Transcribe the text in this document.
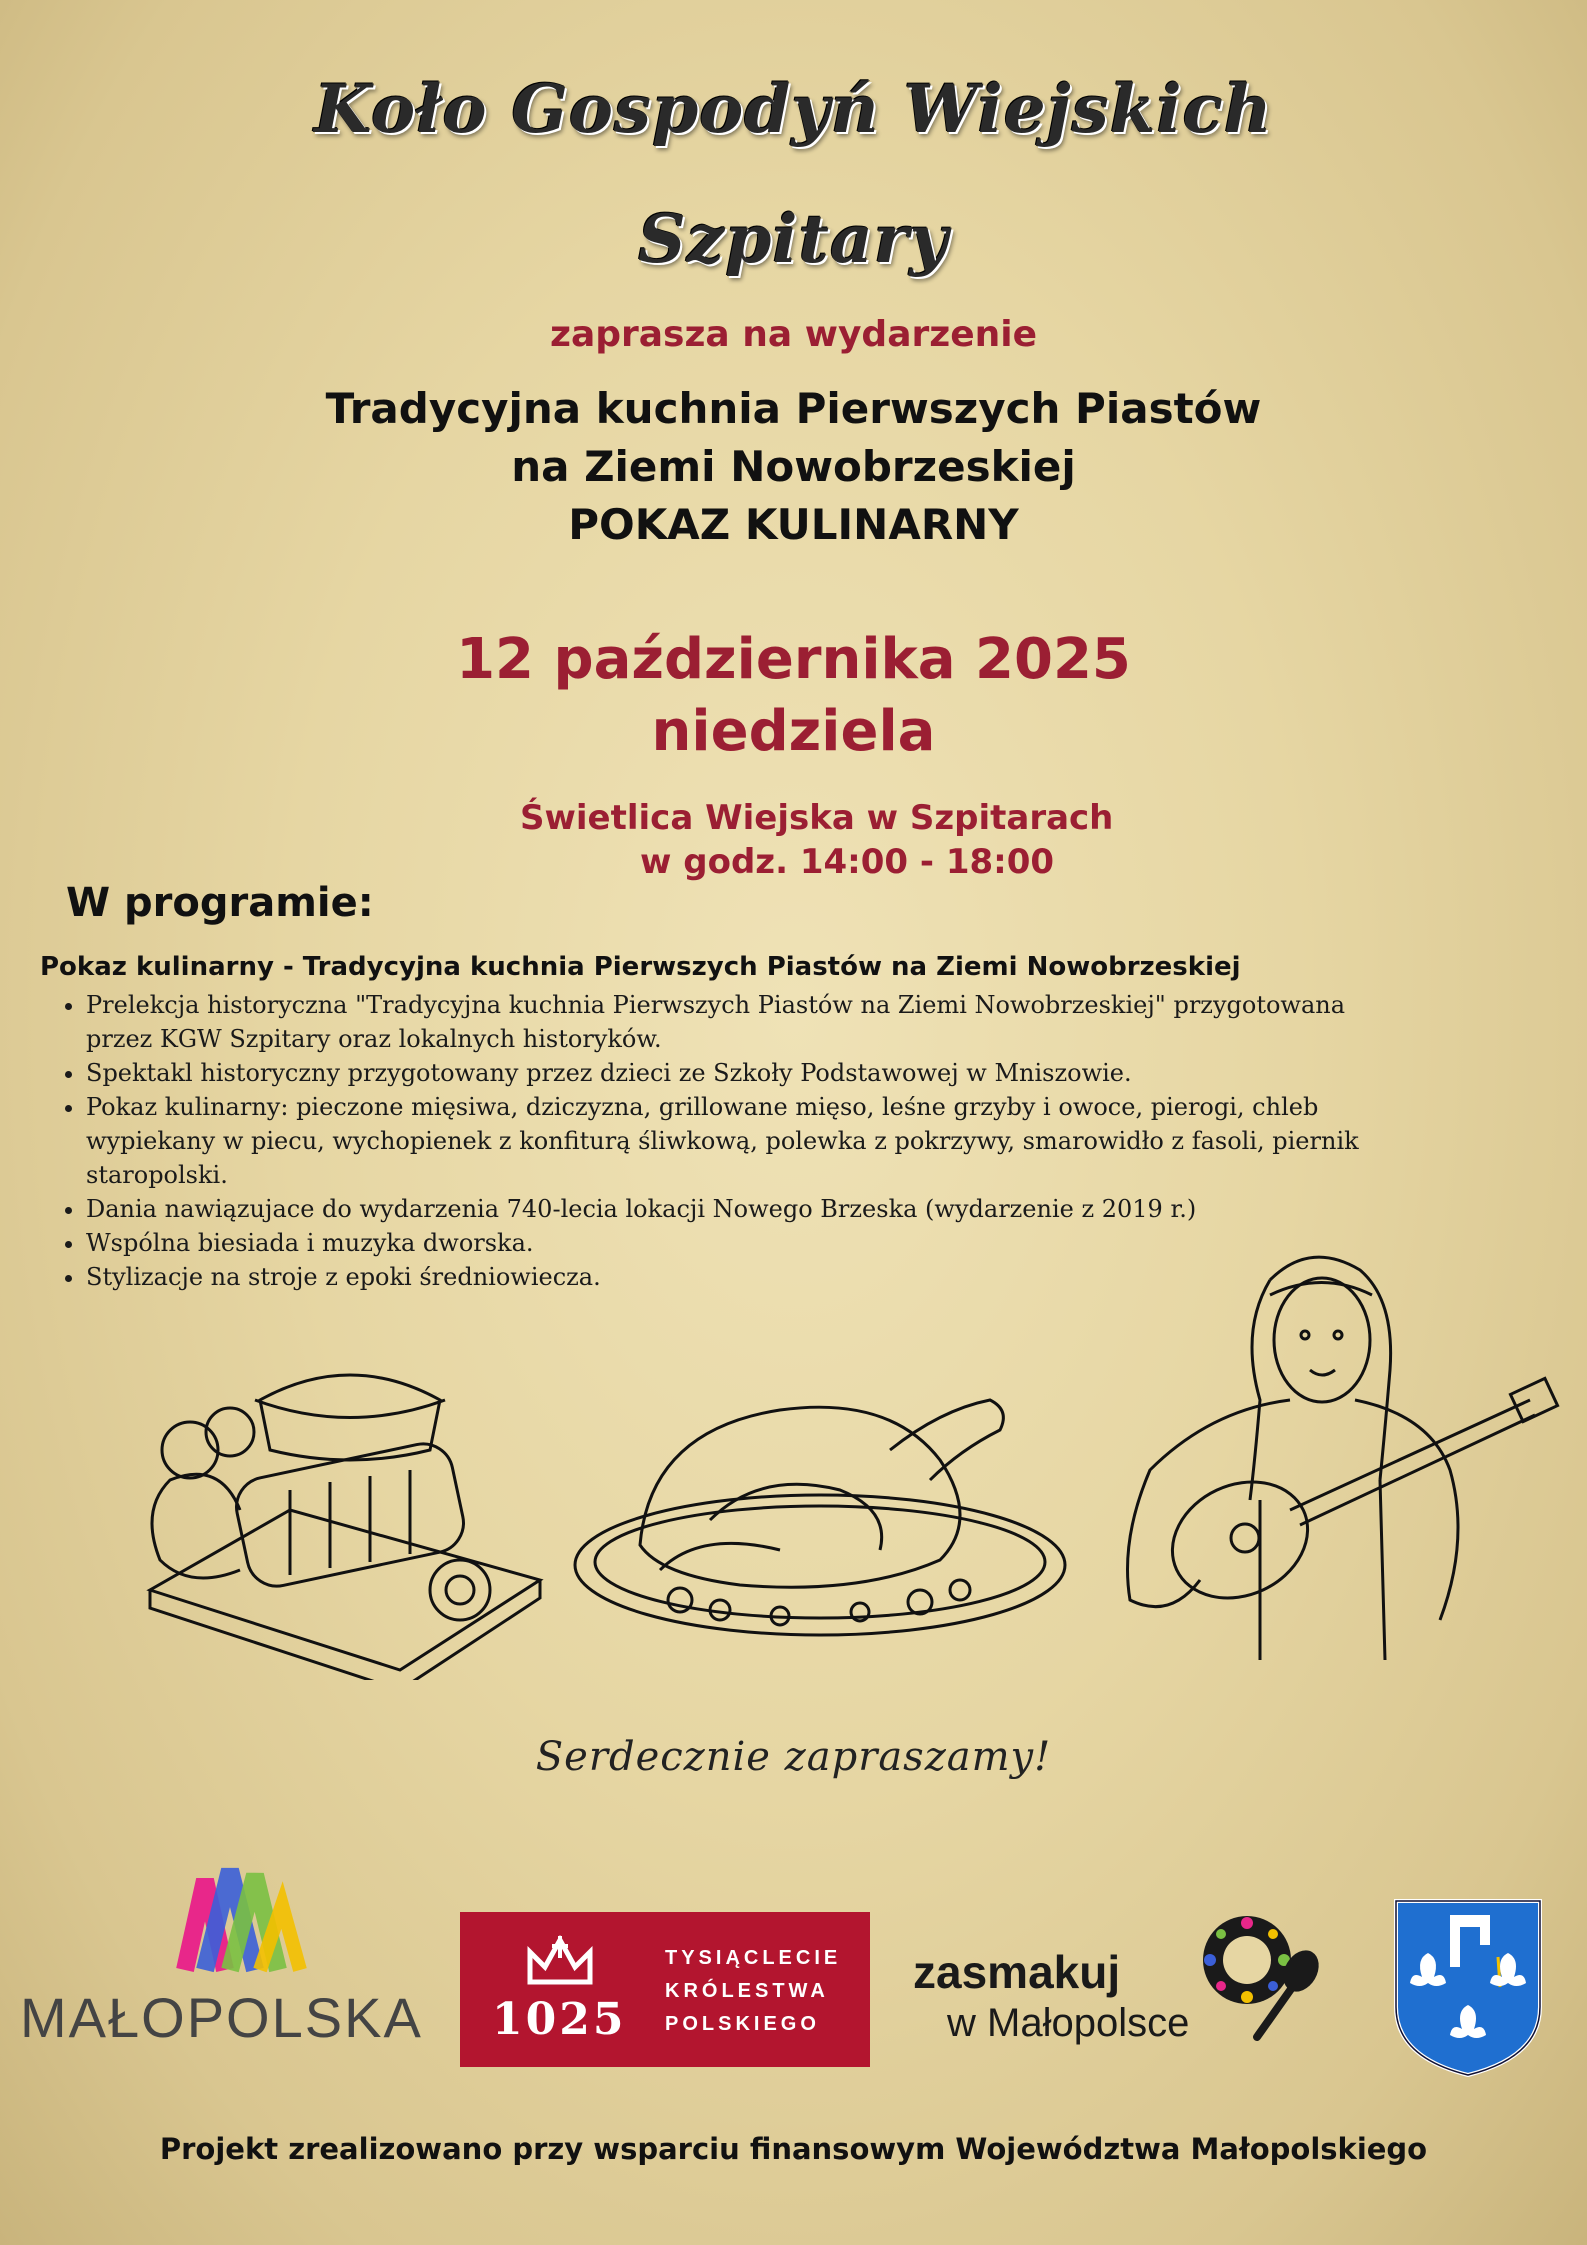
Koło Gospodyń Wiejskich
Szpitary
zaprasza na wydarzenie
Tradycyjna kuchnia Pierwszych Piastów
na Ziemi Nowobrzeskiej
POKAZ KULINARNY
12 października 2025
niedziela
Świetlica Wiejska w Szpitarach
w godz. 14:00 - 18:00
W programie:
Pokaz kulinarny - Tradycyjna kuchnia Pierwszych Piastów na Ziemi Nowobrzeskiej
• Prelekcja historyczna "Tradycyjna kuchnia Pierwszych Piastów na Ziemi Nowobrzeskiej" przygotowana przez KGW Szpitary oraz lokalnych historyków.
• Spektakl historyczny przygotowany przez dzieci ze Szkoły Podstawowej w Mniszowie.
• Pokaz kulinarny: pieczone mięsiwa, dziczyzna, grillowane mięso, leśne grzyby i owoce, pierogi, chleb wypiekany w piecu, wychopienek z konfiturą śliwkową, polewka z pokrzywy, smarowidło z fasoli, piernik staropolski.
• Dania nawiązujace do wydarzenia 740-lecia lokacji Nowego Brzeska (wydarzenie z 2019 r.)
• Wspólna biesiada i muzyka dworska.
• Stylizacje na stroje z epoki średniowiecza.
Serdecznie zapraszamy!
MAŁOPOLSKA	1025
TYSIĄCLECIE
KRÓLESTWA
POLSKIEGO
zasmakuj
w Małopolsce
Projekt zrealizowano przy wsparciu finansowym Województwa Małopolskiego
